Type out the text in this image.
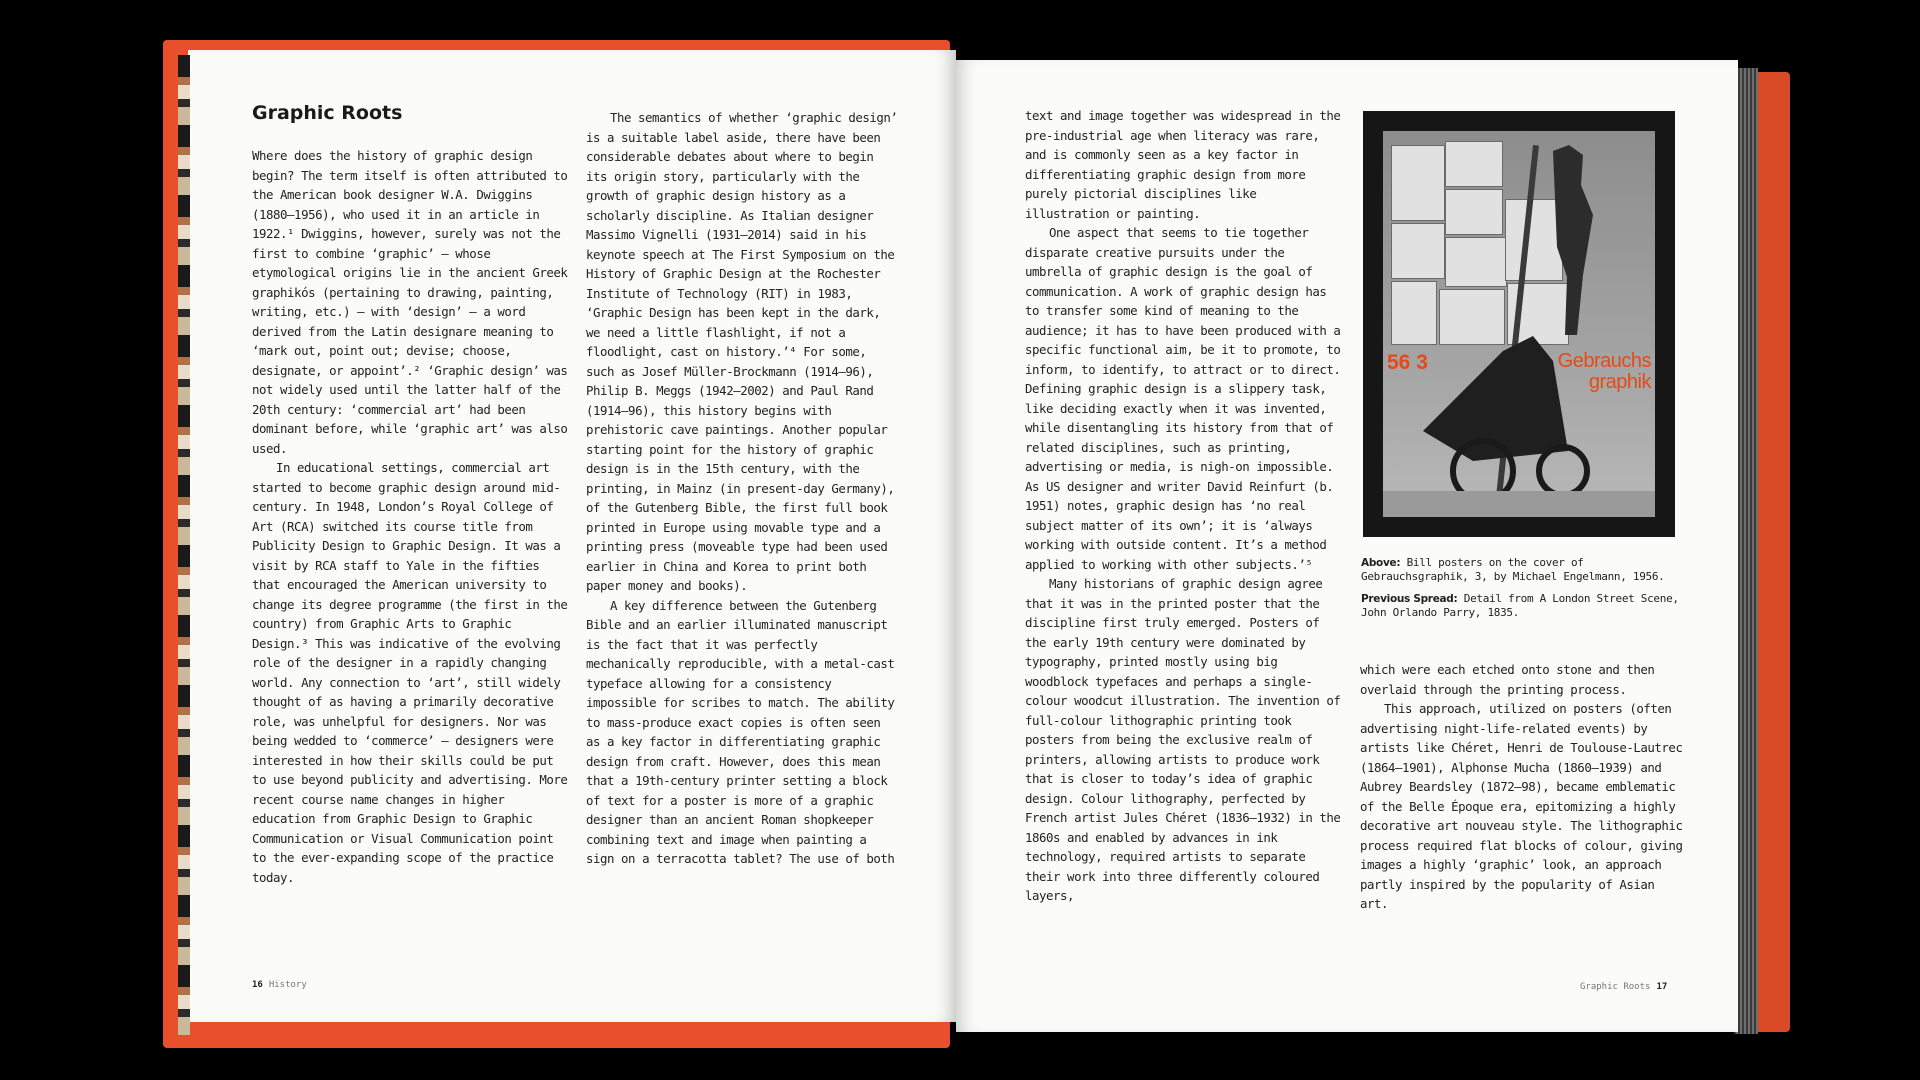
Graphic Roots

Where does the history of graphic design begin? The term itself is often attributed to the American book designer W.A. Dwiggins (1880–1956), who used it in an article in 1922.¹ Dwiggins, however, surely was not the first to combine ‘graphic’ – whose etymological origins lie in the ancient Greek graphikós (pertaining to drawing, painting, writing, etc.) – with ‘design’ – a word derived from the Latin designare meaning to ‘mark out, point out; devise; choose, designate, or appoint’.² ‘Graphic design’ was not widely used until the latter half of the 20th century: ‘commercial art’ had been dominant before, while ‘graphic art’ was also used.

In educational settings, commercial art started to become graphic design around mid-century. In 1948, London’s Royal College of Art (RCA) switched its course title from Publicity Design to Graphic Design. It was a visit by RCA staff to Yale in the fifties that encouraged the American university to change its degree programme (the first in the country) from Graphic Arts to Graphic Design.³ This was indicative of the evolving role of the designer in a rapidly changing world. Any connection to ‘art’, still widely thought of as having a primarily decorative role, was unhelpful for designers. Nor was being wedded to ‘commerce’ – designers were interested in how their skills could be put to use beyond publicity and advertising. More recent course name changes in higher education from Graphic Design to Graphic Communication or Visual Communication point to the ever-expanding scope of the practice today.

The semantics of whether ‘graphic design’ is a suitable label aside, there have been considerable debates about where to begin its origin story, particularly with the growth of graphic design history as a scholarly discipline. As Italian designer Massimo Vignelli (1931–2014) said in his keynote speech at The First Symposium on the History of Graphic Design at the Rochester Institute of Technology (RIT) in 1983, ‘Graphic Design has been kept in the dark, we need a little flashlight, if not a floodlight, cast on history.’⁴ For some, such as Josef Müller-Brockmann (1914–96), Philip B. Meggs (1942–2002) and Paul Rand (1914–96), this history begins with prehistoric cave paintings. Another popular starting point for the history of graphic design is in the 15th century, with the printing, in Mainz (in present-day Germany), of the Gutenberg Bible, the first full book printed in Europe using movable type and a printing press (moveable type had been used earlier in China and Korea to print both paper money and books).

A key difference between the Gutenberg Bible and an earlier illuminated manuscript is the fact that it was perfectly mechanically reproducible, with a metal-cast typeface allowing for a consistency impossible for scribes to match. The ability to mass-produce exact copies is often seen as a key factor in differentiating graphic design from craft. However, does this mean that a 19th-century printer setting a block of text for a poster is more of a graphic designer than an ancient Roman shopkeeper combining text and image when painting a sign on a terracotta tablet? The use of both

16 History

text and image together was widespread in the pre-industrial age when literacy was rare, and is commonly seen as a key factor in differentiating graphic design from more purely pictorial disciplines like illustration or painting.

One aspect that seems to tie together disparate creative pursuits under the umbrella of graphic design is the goal of communication. A work of graphic design has to transfer some kind of meaning to the audience; it has to have been produced with a specific functional aim, be it to promote, to inform, to identify, to attract or to direct. Defining graphic design is a slippery task, like deciding exactly when it was invented, while disentangling its history from that of related disciplines, such as printing, advertising or media, is nigh-on impossible. As US designer and writer David Reinfurt (b. 1951) notes, graphic design has ‘no real subject matter of its own’; it is ‘always working with outside content. It’s a method applied to working with other subjects.’⁵

Many historians of graphic design agree that it was in the printed poster that the discipline first truly emerged. Posters of the early 19th century were dominated by typography, printed mostly using big woodblock typefaces and perhaps a single-colour woodcut illustration. The invention of full-colour lithographic printing took posters from being the exclusive realm of printers, allowing artists to produce work that is closer to today’s idea of graphic design. Colour lithography, perfected by French artist Jules Chéret (1836–1932) in the 1860s and enabled by advances in ink technology, required artists to separate their work into three differently coloured layers,

56 3	Gebrauchs
graphik

Above: Bill posters on the cover of Gebrauchsgraphik, 3, by Michael Engelmann, 1956.

Previous Spread: Detail from A London Street Scene, John Orlando Parry, 1835.

which were each etched onto stone and then overlaid through the printing process.

This approach, utilized on posters (often advertising night-life-related events) by artists like Chéret, Henri de Toulouse-Lautrec (1864–1901), Alphonse Mucha (1860–1939) and Aubrey Beardsley (1872–98), became emblematic of the Belle Époque era, epitomizing a highly decorative art nouveau style. The lithographic process required flat blocks of colour, giving images a highly ‘graphic’ look, an approach partly inspired by the popularity of Asian art.

Graphic Roots 17
